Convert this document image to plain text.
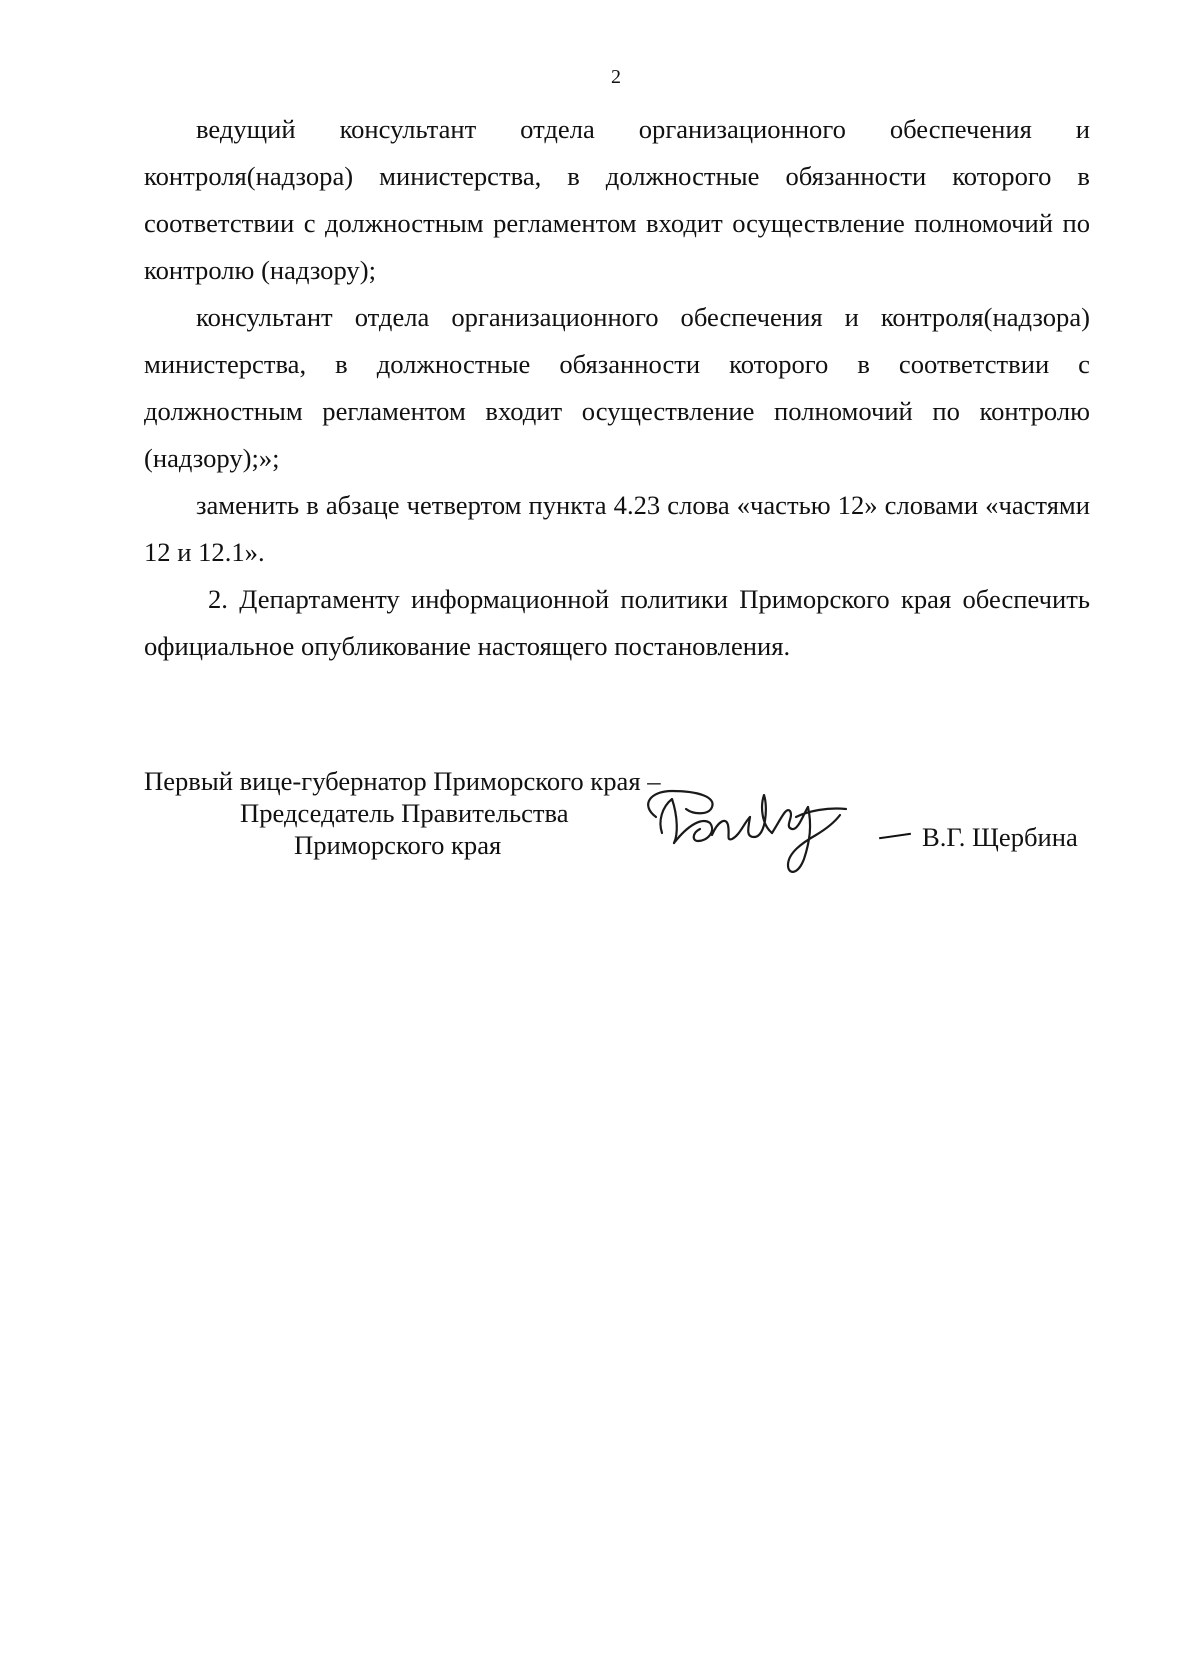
2

ведущий консультант отдела организационного обеспечения и контроля(надзора) министерства, в должностные обязанности которого в соответствии с должностным регламентом входит осуществление полномочий по контролю (надзору);

консультант отдела организационного обеспечения и контроля(надзора) министерства, в должностные обязанности которого в соответствии с должностным регламентом входит осуществление полномочий по контролю (надзору);»;

заменить в абзаце четвертом пункта 4.23 слова «частью 12» словами «частями 12 и 12.1».

2. Департаменту информационной политики Приморского края обеспечить официальное опубликование настоящего постановления.

Первый вице-губернатор Приморского края –
Председатель Правительства
Приморского края	В.Г. Щербина
